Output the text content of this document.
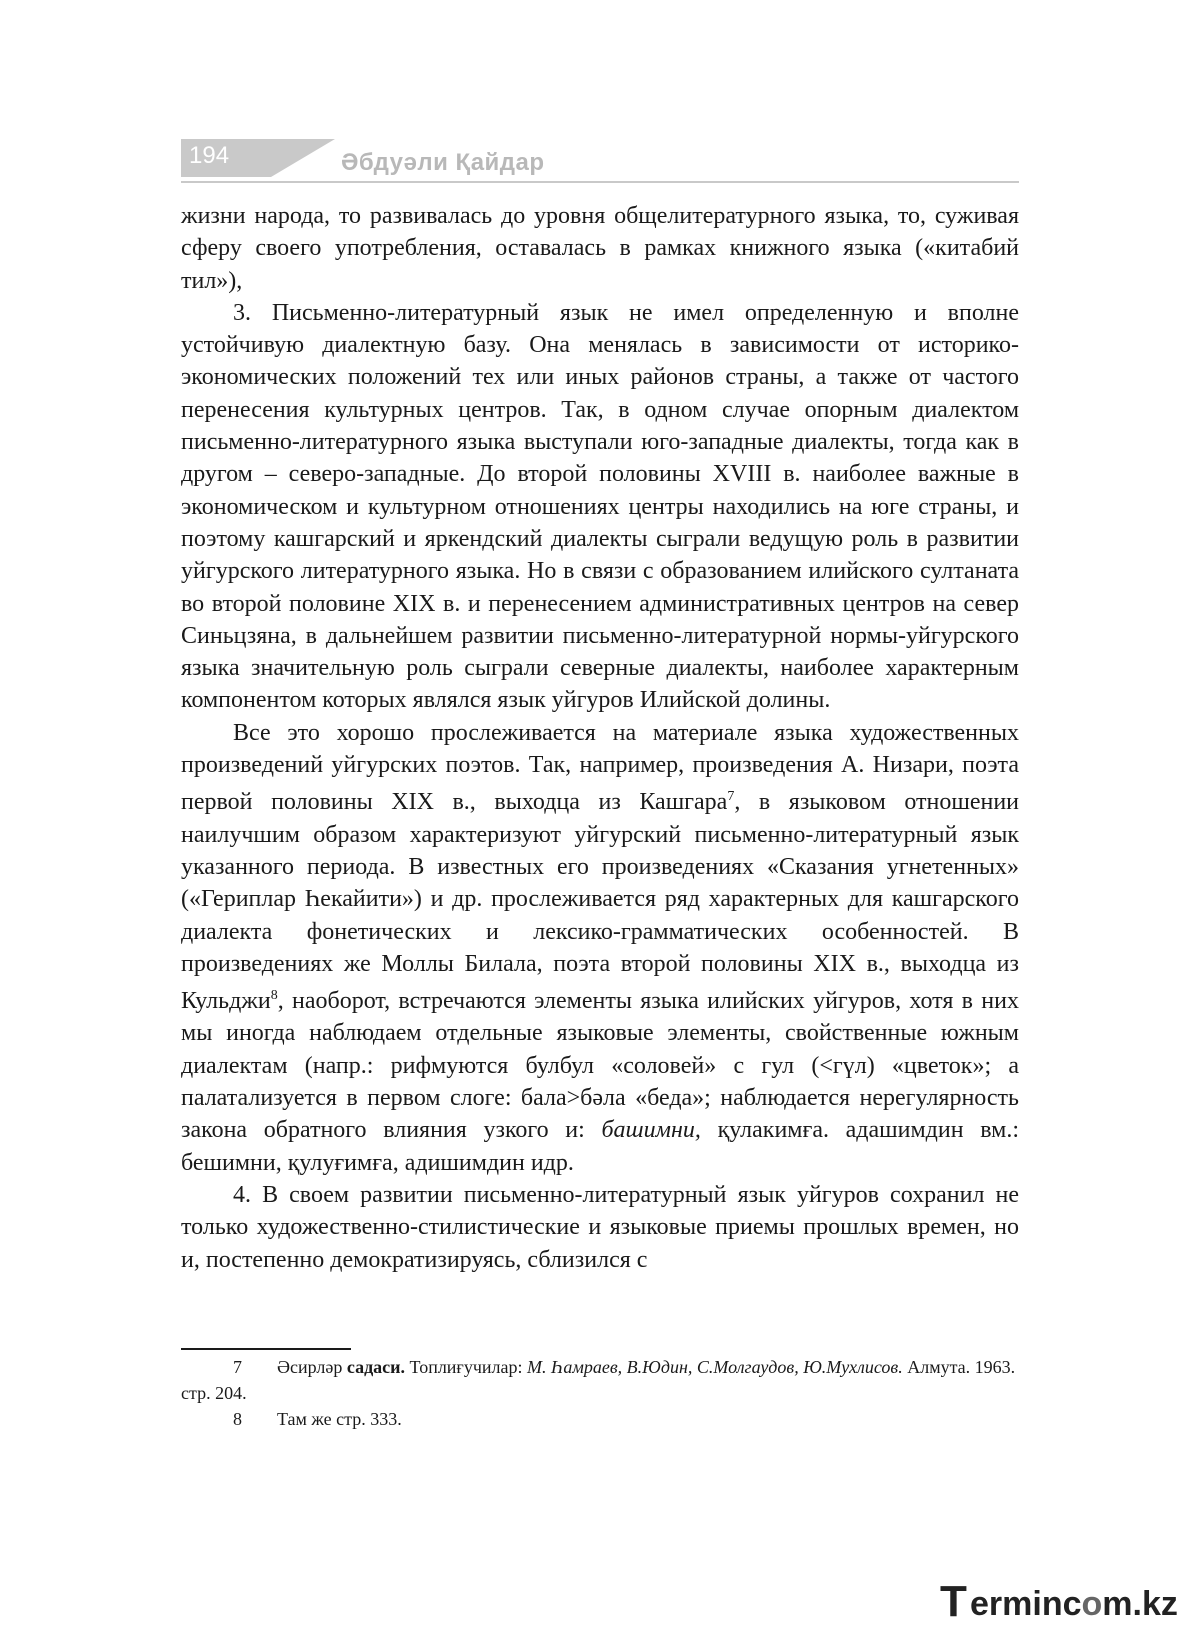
194	Әбдуәли Қайдар

жизни народа, то развивалась до уровня общелитературного языка, то, суживая сферу своего употребления, оставалась в рамках книжного языка («китабий тил»),

3. Письменно-литературный язык не имел определенную и вполне устойчивую диалектную базу. Она менялась в зависимости от историко-экономических положений тех или иных районов страны, а также от частого перенесения культурных центров. Так, в одном случае опорным диалектом письменно-литературного языка выступали юго-западные диалекты, тогда как в другом – северо-западные. До второй половины XVIII в. наиболее важные в экономическом и культурном отношениях центры находились на юге страны, и поэтому кашгарский и яркендский диалекты сыграли ведущую роль в развитии уйгурского литературного языка. Но в связи с образованием илийского султаната во второй половине XIX в. и перенесением административных центров на север Синьцзяна, в дальнейшем развитии письменно-литературной нормы-уйгурского языка значительную роль сыграли северные диалекты, наиболее характерным компонентом которых являлся язык уйгуров Илийской долины.

Все это хорошо прослеживается на материале языка художественных произведений уйгурских поэтов. Так, например, произведения А. Низари, поэта первой половины XIX в., выходца из Кашгара$^7$, в языковом отношении наилучшим образом характеризуют уйгурский письменно-литературный язык указанного периода. В известных его произведениях «Сказания угнетенных» («Гериплар Һекайити») и др. прослеживается ряд характерных для кашгарского диалекта фонетических и лексико-грамматических особенностей. В произведениях же Моллы Билала, поэта второй половины XIX в., выходца из Кульджи$^8$, наоборот, встречаются элементы языка илийских уйгуров, хотя в них мы иногда наблюдаем отдельные языковые элементы, свойственные южным диалектам (напр.: рифмуются булбул «соловей» с гул (<гүл) «цветок»; а палатализуется в первом слоге: бала>бәла «беда»; наблюдается нерегулярность закона обратного влияния узкого и: башимни, қулакимға. адашимдин вм.: бешимни, қулуғимға, адишимдин идр.

4. В своем развитии письменно-литературный язык уйгуров сохранил не только художественно-стилистические и языковые приемы прошлых времен, но и, постепенно демократизируясь, сблизился с

7 Әсирләр садаси. Топлиғучилар: М. Һамраев, В.Юдин, С.Молгаудов, Ю.Мухлисов. Алмута. 1963. стр. 204.

8 Там же стр. 333.

T ermincom.kz
